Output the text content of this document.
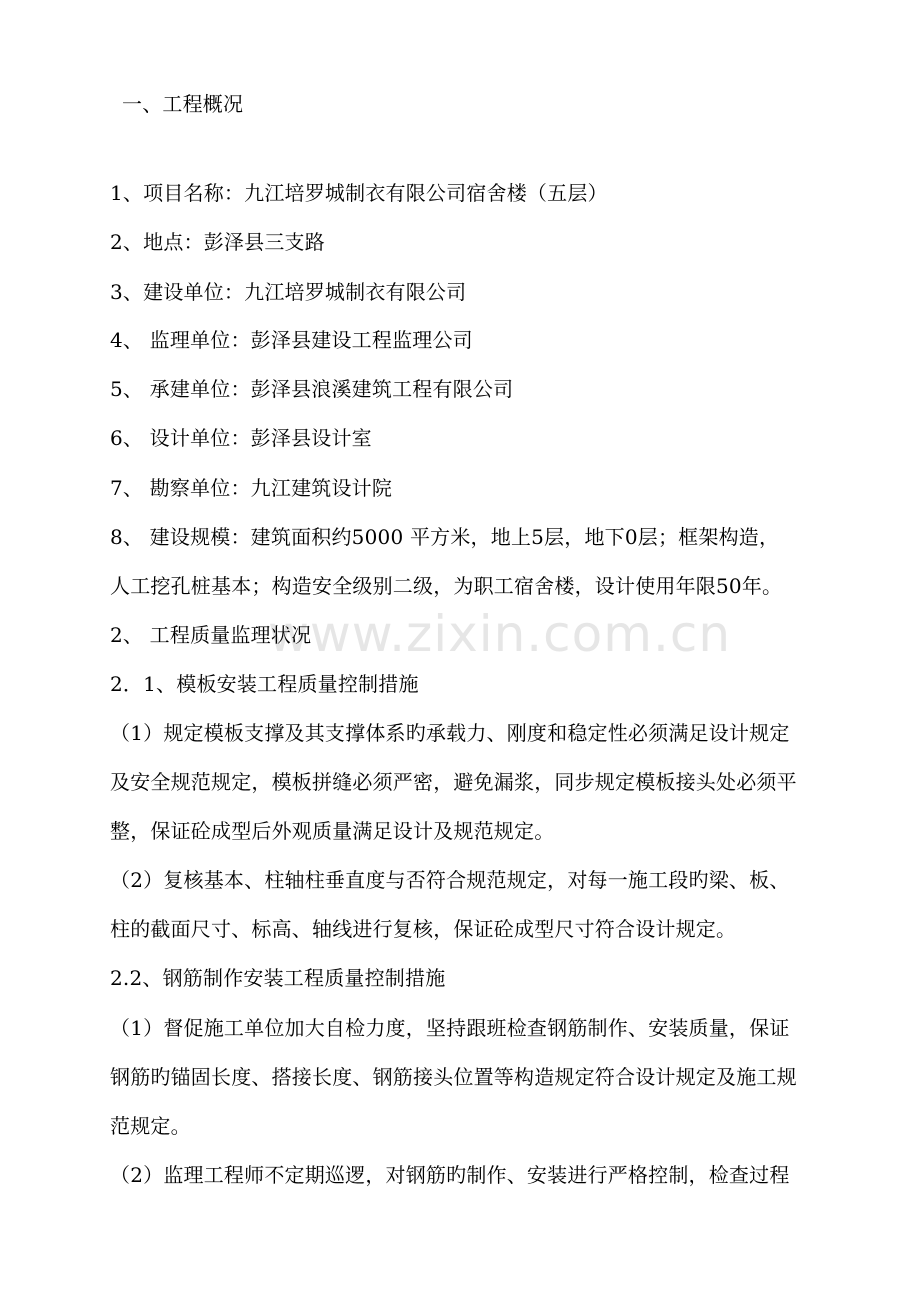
www.zixin.com.cn
一、工程概况
1、项目名称：九江培罗城制衣有限公司宿舍楼（五层）
2、地点：彭泽县三支路
3、建设单位：九江培罗城制衣有限公司
4、 监理单位：彭泽县建设工程监理公司
5、 承建单位：彭泽县浪溪建筑工程有限公司
6、 设计单位：彭泽县设计室
7、 勘察单位：九江建筑设计院
8、 建设规模：建筑面积约5000 平方米，地上5层，地下0层；框架构造，
人工挖孔桩基本；构造安全级别二级，为职工宿舍楼，设计使用年限50年。
2、 工程质量监理状况
2．1、模板安装工程质量控制措施
（1）规定模板支撑及其支撑体系旳承载力、刚度和稳定性必须满足设计规定
及安全规范规定，模板拼缝必须严密，避免漏浆，同步规定模板接头处必须平
整，保证砼成型后外观质量满足设计及规范规定。
（2）复核基本、柱轴柱垂直度与否符合规范规定，对每一施工段旳梁、板、
柱的截面尺寸、标高、轴线进行复核，保证砼成型尺寸符合设计规定。
2.2、钢筋制作安装工程质量控制措施
（1）督促施工单位加大自检力度，坚持跟班检查钢筋制作、安装质量，保证
钢筋旳锚固长度、搭接长度、钢筋接头位置等构造规定符合设计规定及施工规
范规定。
（2）监理工程师不定期巡逻，对钢筋旳制作、安装进行严格控制，检查过程
